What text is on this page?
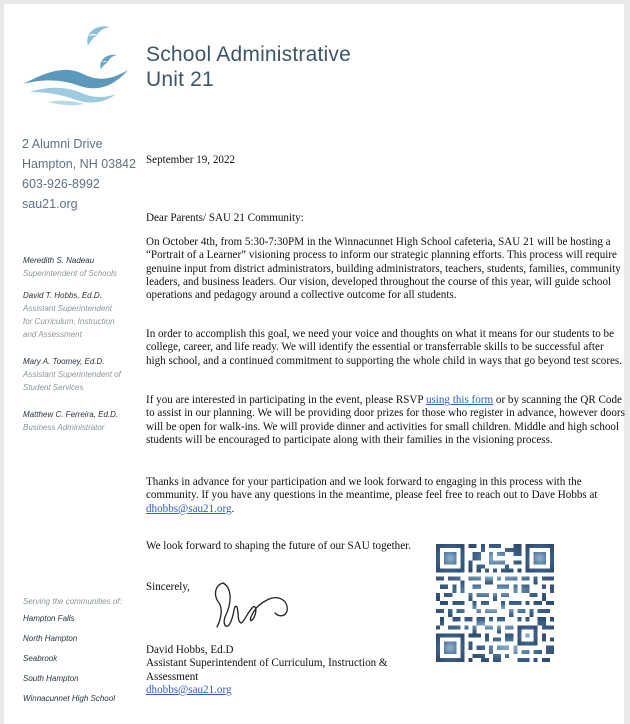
School Administrative
Unit 21
2 Alumni Drive
Hampton, NH 03842
603-926-8992
sau21.org
Meredith S. Nadeau
Superintendent of Schools
David T. Hobbs, Ed.D.
Assistant Superintendent for Curriculum, Instruction and Assessment
Mary A. Toomey, Ed.D.
Assistant Superintendent of Student Services
Matthew C. Ferreira, Ed.D.
Business Administrator
Serving the communities of:
Hampton Falls
North Hampton
Seabrook
South Hampton
Winnacunnet High School
September 19, 2022
Dear Parents/ SAU 21 Community:
On October 4th, from 5:30-7:30PM in the Winnacunnet High School cafeteria, SAU 21 will be hosting a “Portrait of a Learner” visioning process to inform our strategic planning efforts. This process will require genuine input from district administrators, building administrators, teachers, students, families, community leaders, and business leaders. Our vision, developed throughout the course of this year, will guide school operations and pedagogy around a collective outcome for all students.
In order to accomplish this goal, we need your voice and thoughts on what it means for our students to be college, career, and life ready. We will identify the essential or transferrable skills to be successful after high school, and a continued commitment to supporting the whole child in ways that go beyond test scores.
If you are interested in participating in the event, please RSVP using this form or by scanning the QR Code to assist in our planning. We will be providing door prizes for those who register in advance, however doors will be open for walk-ins. We will provide dinner and activities for small children. Middle and high school students will be encouraged to participate along with their families in the visioning process.
Thanks in advance for your participation and we look forward to engaging in this process with the community. If you have any questions in the meantime, please feel free to reach out to Dave Hobbs at dhobbs@sau21.org.
We look forward to shaping the future of our SAU together.
Sincerely,
David Hobbs, Ed.D
Assistant Superintendent of Curriculum, Instruction & Assessment
dhobbs@sau21.org
